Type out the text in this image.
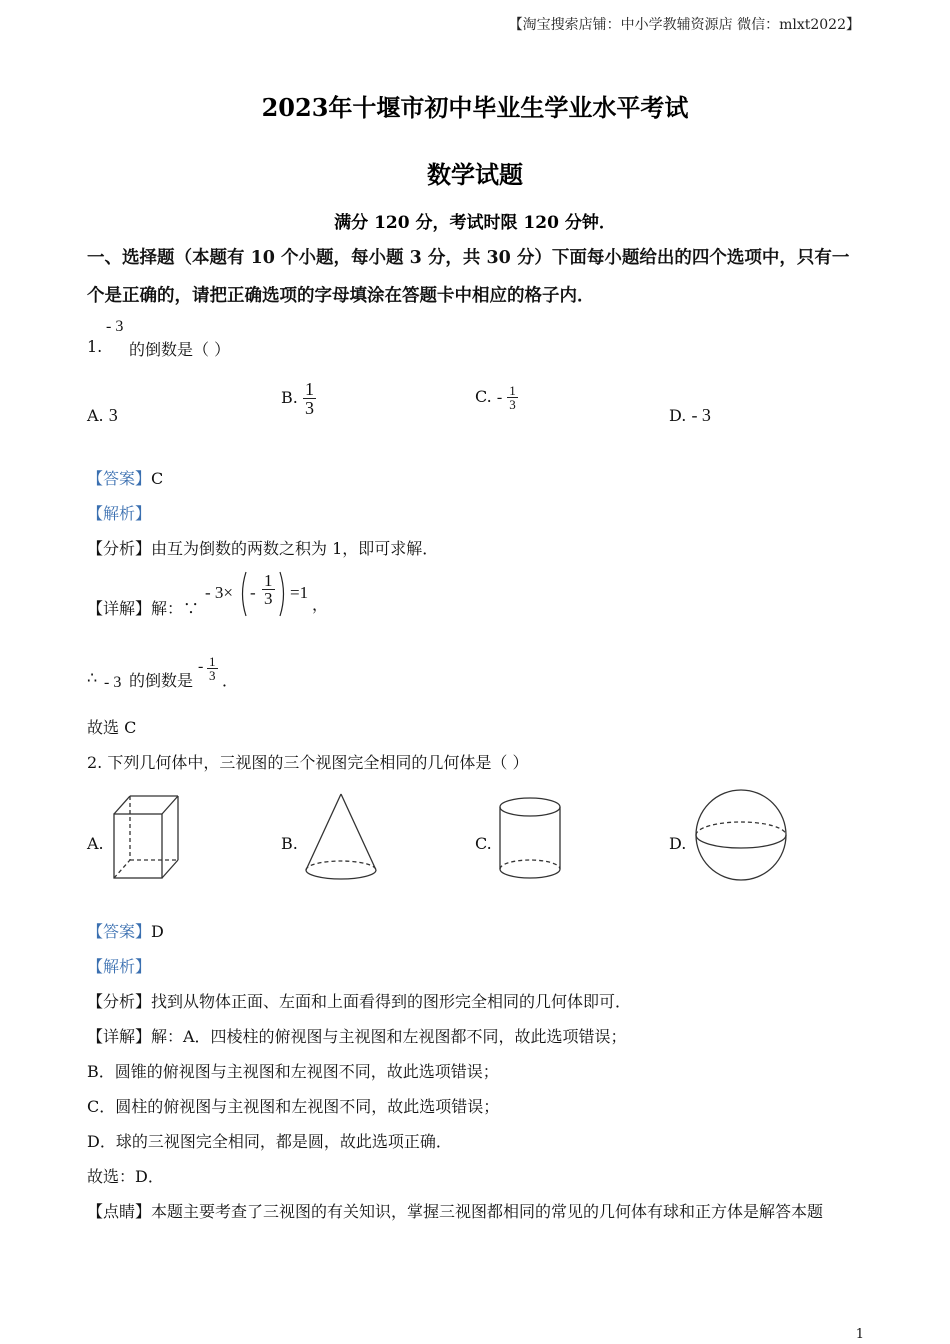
【淘宝搜索店铺：中小学教辅资源店 微信：mlxt2022】
2023年十堰市初中毕业生学业水平考试
数学试题
满分 120 分，考试时限 120 分钟．
一、选择题（本题有 10 个小题，每小题 3 分，共 30 分）下面每小题给出的四个选项中，只有一个是正确的，请把正确选项的字母填涂在答题卡中相应的格子内．
1.
- 3
的倒数是（ ）
A. 3
B. $\frac{1}{3}$	C. - $\frac{1}{3}$
D. - 3
【答案】C
【解析】
【分析】由互为倒数的两数之积为 1，即可求解．
【详解】解：∵
- $3\times - \frac{1}{3} =1$
，
∴ - 3 的倒数是
- $\frac{1}{3}$ ．
故选 C
2. 下列几何体中，三视图的三个视图完全相同的几何体是（ ）
A.	B.	C.	D.
【答案】D
【解析】
【分析】找到从物体正面、左面和上面看得到的图形完全相同的几何体即可．
【详解】解：A．四棱柱的俯视图与主视图和左视图都不同，故此选项错误；
B．圆锥的俯视图与主视图和左视图不同，故此选项错误；
C．圆柱的俯视图与主视图和左视图不同，故此选项错误；
D．球的三视图完全相同，都是圆，故此选项正确．
故选：D．
【点睛】本题主要考查了三视图的有关知识，掌握三视图都相同的常见的几何体有球和正方体是解答本题
1
